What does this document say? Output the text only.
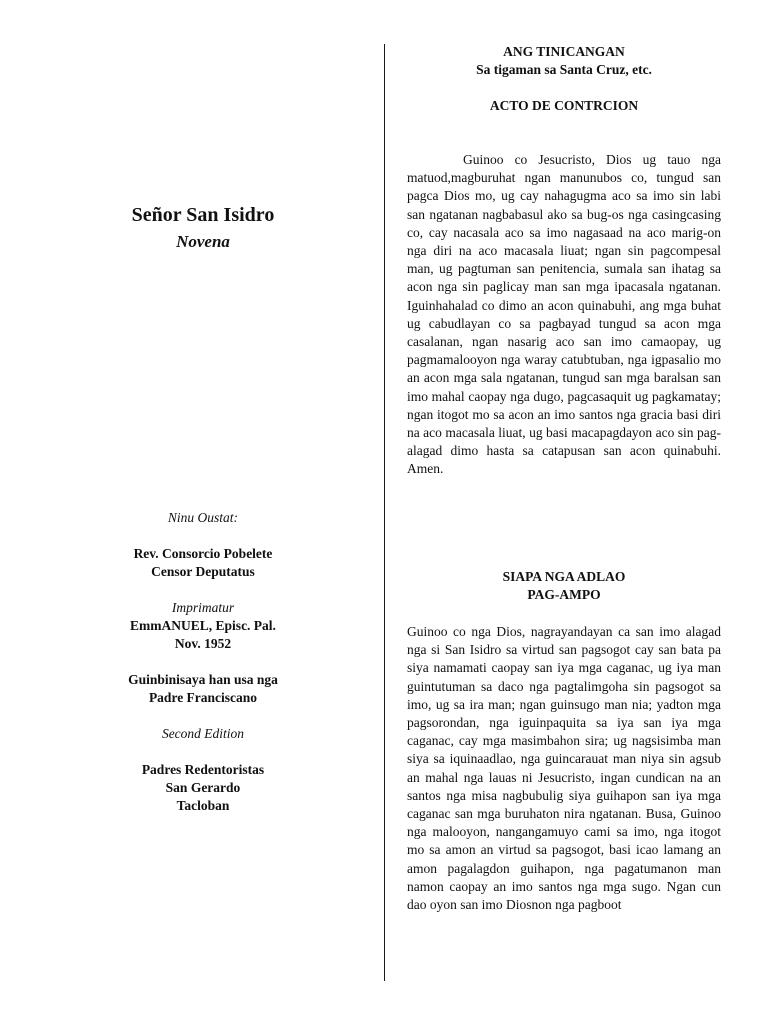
Señor San Isidro
Novena

Ninu Oustat:

Rev. Consorcio Pobelete

Censor Deputatus

Imprimatur

EmmANUEL, Episc. Pal.

Nov. 1952

Guinbinisaya han usa nga

Padre Franciscano

Second Edition

Padres Redentoristas

San Gerardo

Tacloban

ANG TINICANGAN

Sa tigaman sa Santa Cruz, etc.

ACTO DE CONTRCION

Guinoo co Jesucristo, Dios ug tauo nga matuod,magburuhat ngan manunubos co, tungud san pagca Dios mo, ug cay nahagugma aco sa imo sin labi san ngatanan nagbabasul ako sa bug-os nga casingcasing co, cay nacasala aco sa imo nagasaad na aco marig-on nga diri na aco macasala liuat; ngan sin pagcompesal man, ug pagtuman san penitencia, sumala san ihatag sa acon nga sin paglicay man san mga ipacasala ngatanan. Iguinhahalad co dimo an acon quinabuhi, ang mga buhat ug cabudlayan co sa pagbayad tungud sa acon mga casalanan, ngan nasarig aco san imo camaopay, ug pagmamalooyon nga waray catubtuban, nga igpasalio mo an acon mga sala ngatanan, tungud san mga baralsan san imo mahal caopay nga dugo, pagcasaquit ug pagkamatay; ngan itogot mo sa acon an imo santos nga gracia basi diri na aco macasala liuat, ug basi macapagdayon aco sin pag-alagad dimo hasta sa catapusan san acon quinabuhi. Amen.

SIAPA NGA ADLAO

PAG-AMPO

Guinoo co nga Dios, nagrayandayan ca san imo alagad nga si San Isidro sa virtud san pagsogot cay san bata pa siya namamati caopay san iya mga caganac, ug iya man guintutuman sa daco nga pagtalimgoha sin pagsogot sa imo, ug sa ira man; ngan guinsugo man nia; yadton mga pagsorondan, nga iguinpaquita sa iya san iya mga caganac, cay mga masimbahon sira; ug nagsisimba man siya sa iquinaadlao, nga guincarauat man niya sin agsub an mahal nga lauas ni Jesucristo, ingan cundican na an santos nga misa nagbubulig siya guihapon san iya mga caganac san mga buruhaton nira ngatanan. Busa, Guinoo nga malooyon, nangangamuyo cami sa imo, nga itogot mo sa amon an virtud sa pagsogot, basi icao lamang an amon pagalagdon guihapon, nga pagatumanon man namon caopay an imo santos nga mga sugo. Ngan cun dao oyon san imo Diosnon nga pagboot
